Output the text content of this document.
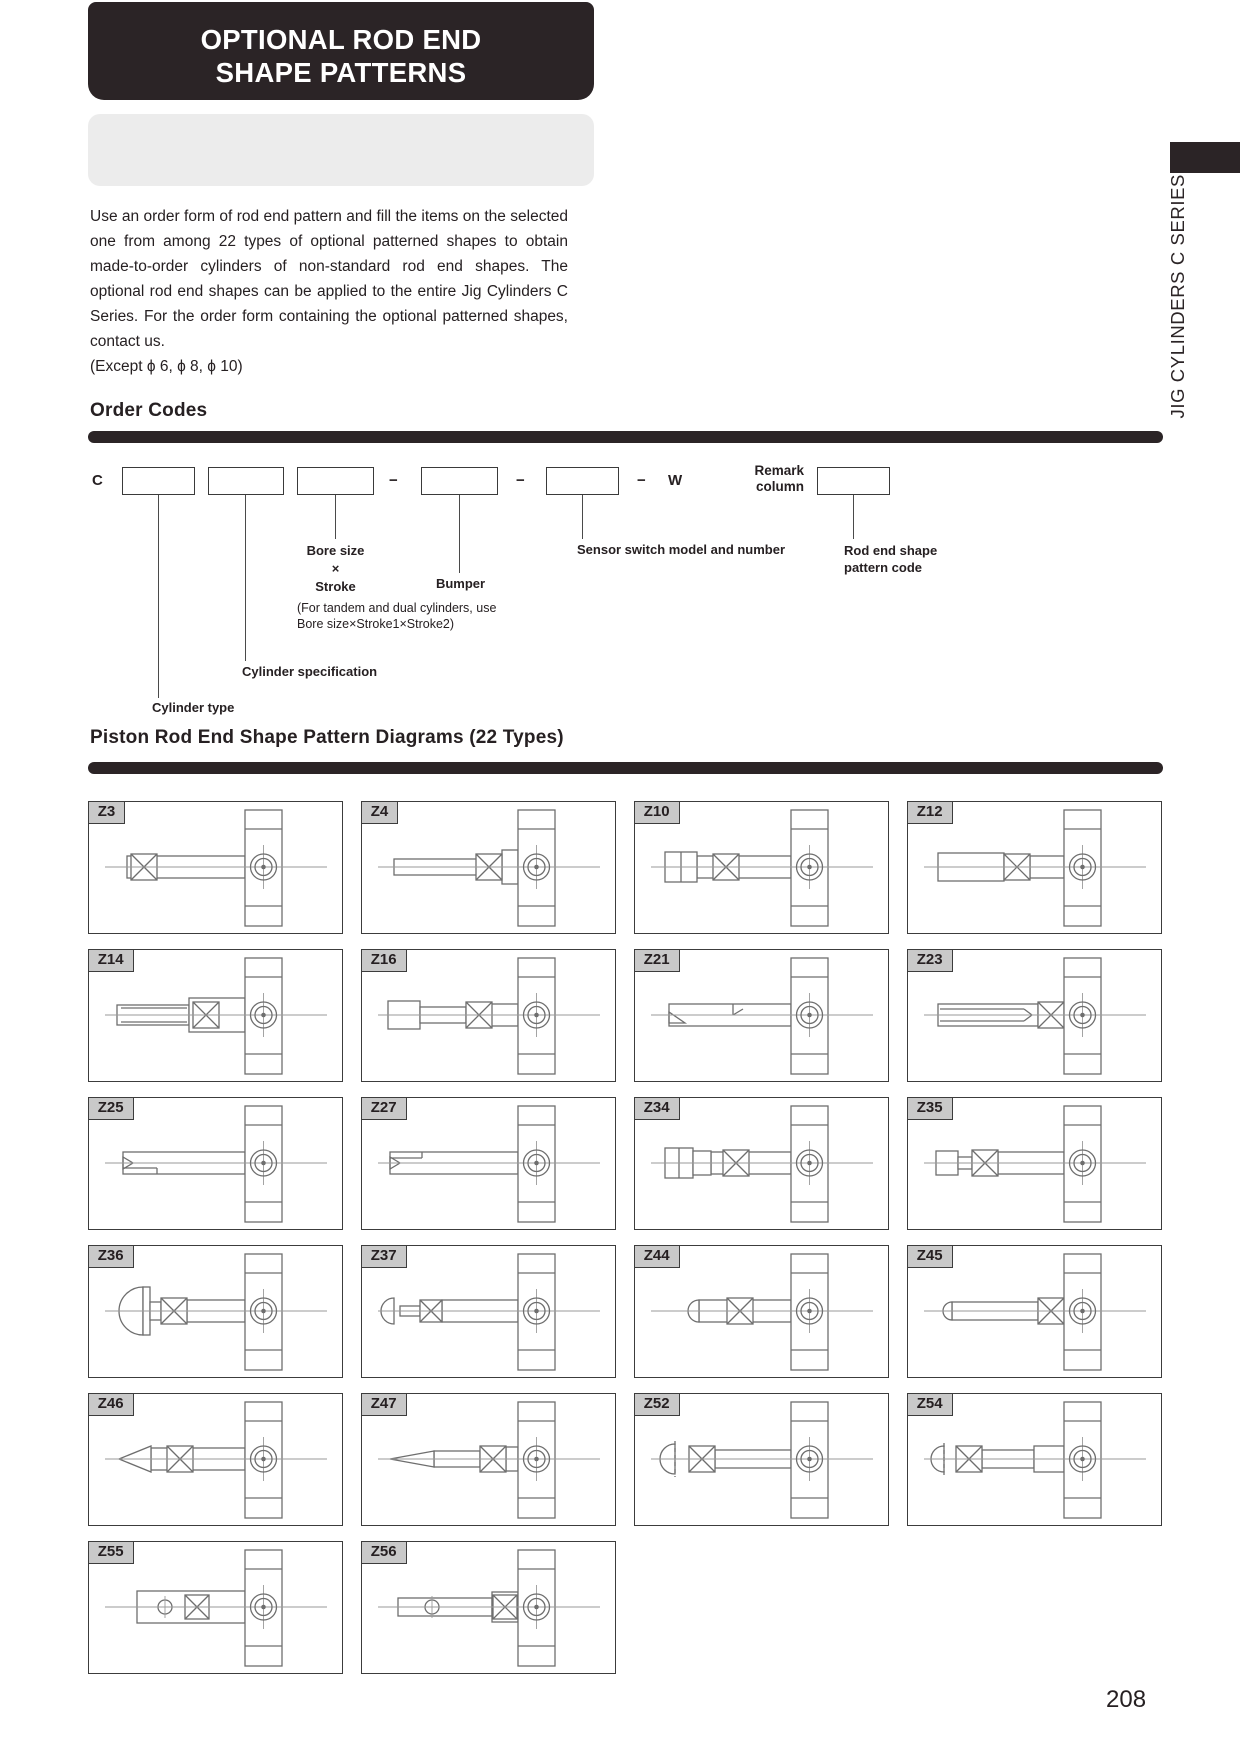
OPTIONAL ROD END
SHAPE PATTERNS
JIG CYLINDERS C SERIES

Use an order form of rod end pattern and fill the items on the selected one from among 22 types of optional patterned shapes to obtain made-to-order cylinders of non-standard rod end shapes. The optional rod end shapes can be applied to the entire Jig Cylinders C Series. For the order form containing the optional patterned shapes, contact us.

(Except ϕ 6, ϕ 8, ϕ 10)

Order Codes
C	−	−	− W
Remark
column
Bore size
×
Stroke
(For tandem and dual cylinders, use
Bore size×Stroke1×Stroke2)
Bumper
Sensor switch model and number	Rod end shape
pattern code
Cylinder specification
Cylinder type
Piston Rod End Shape Pattern Diagrams (22 Types)
Z3	Z4	Z10	Z12
Z14	Z16	Z21	Z23
Z25	Z27	Z34	Z35
Z36	Z37	Z44	Z45
Z46	Z47	Z52	Z54
Z55	Z56
208
